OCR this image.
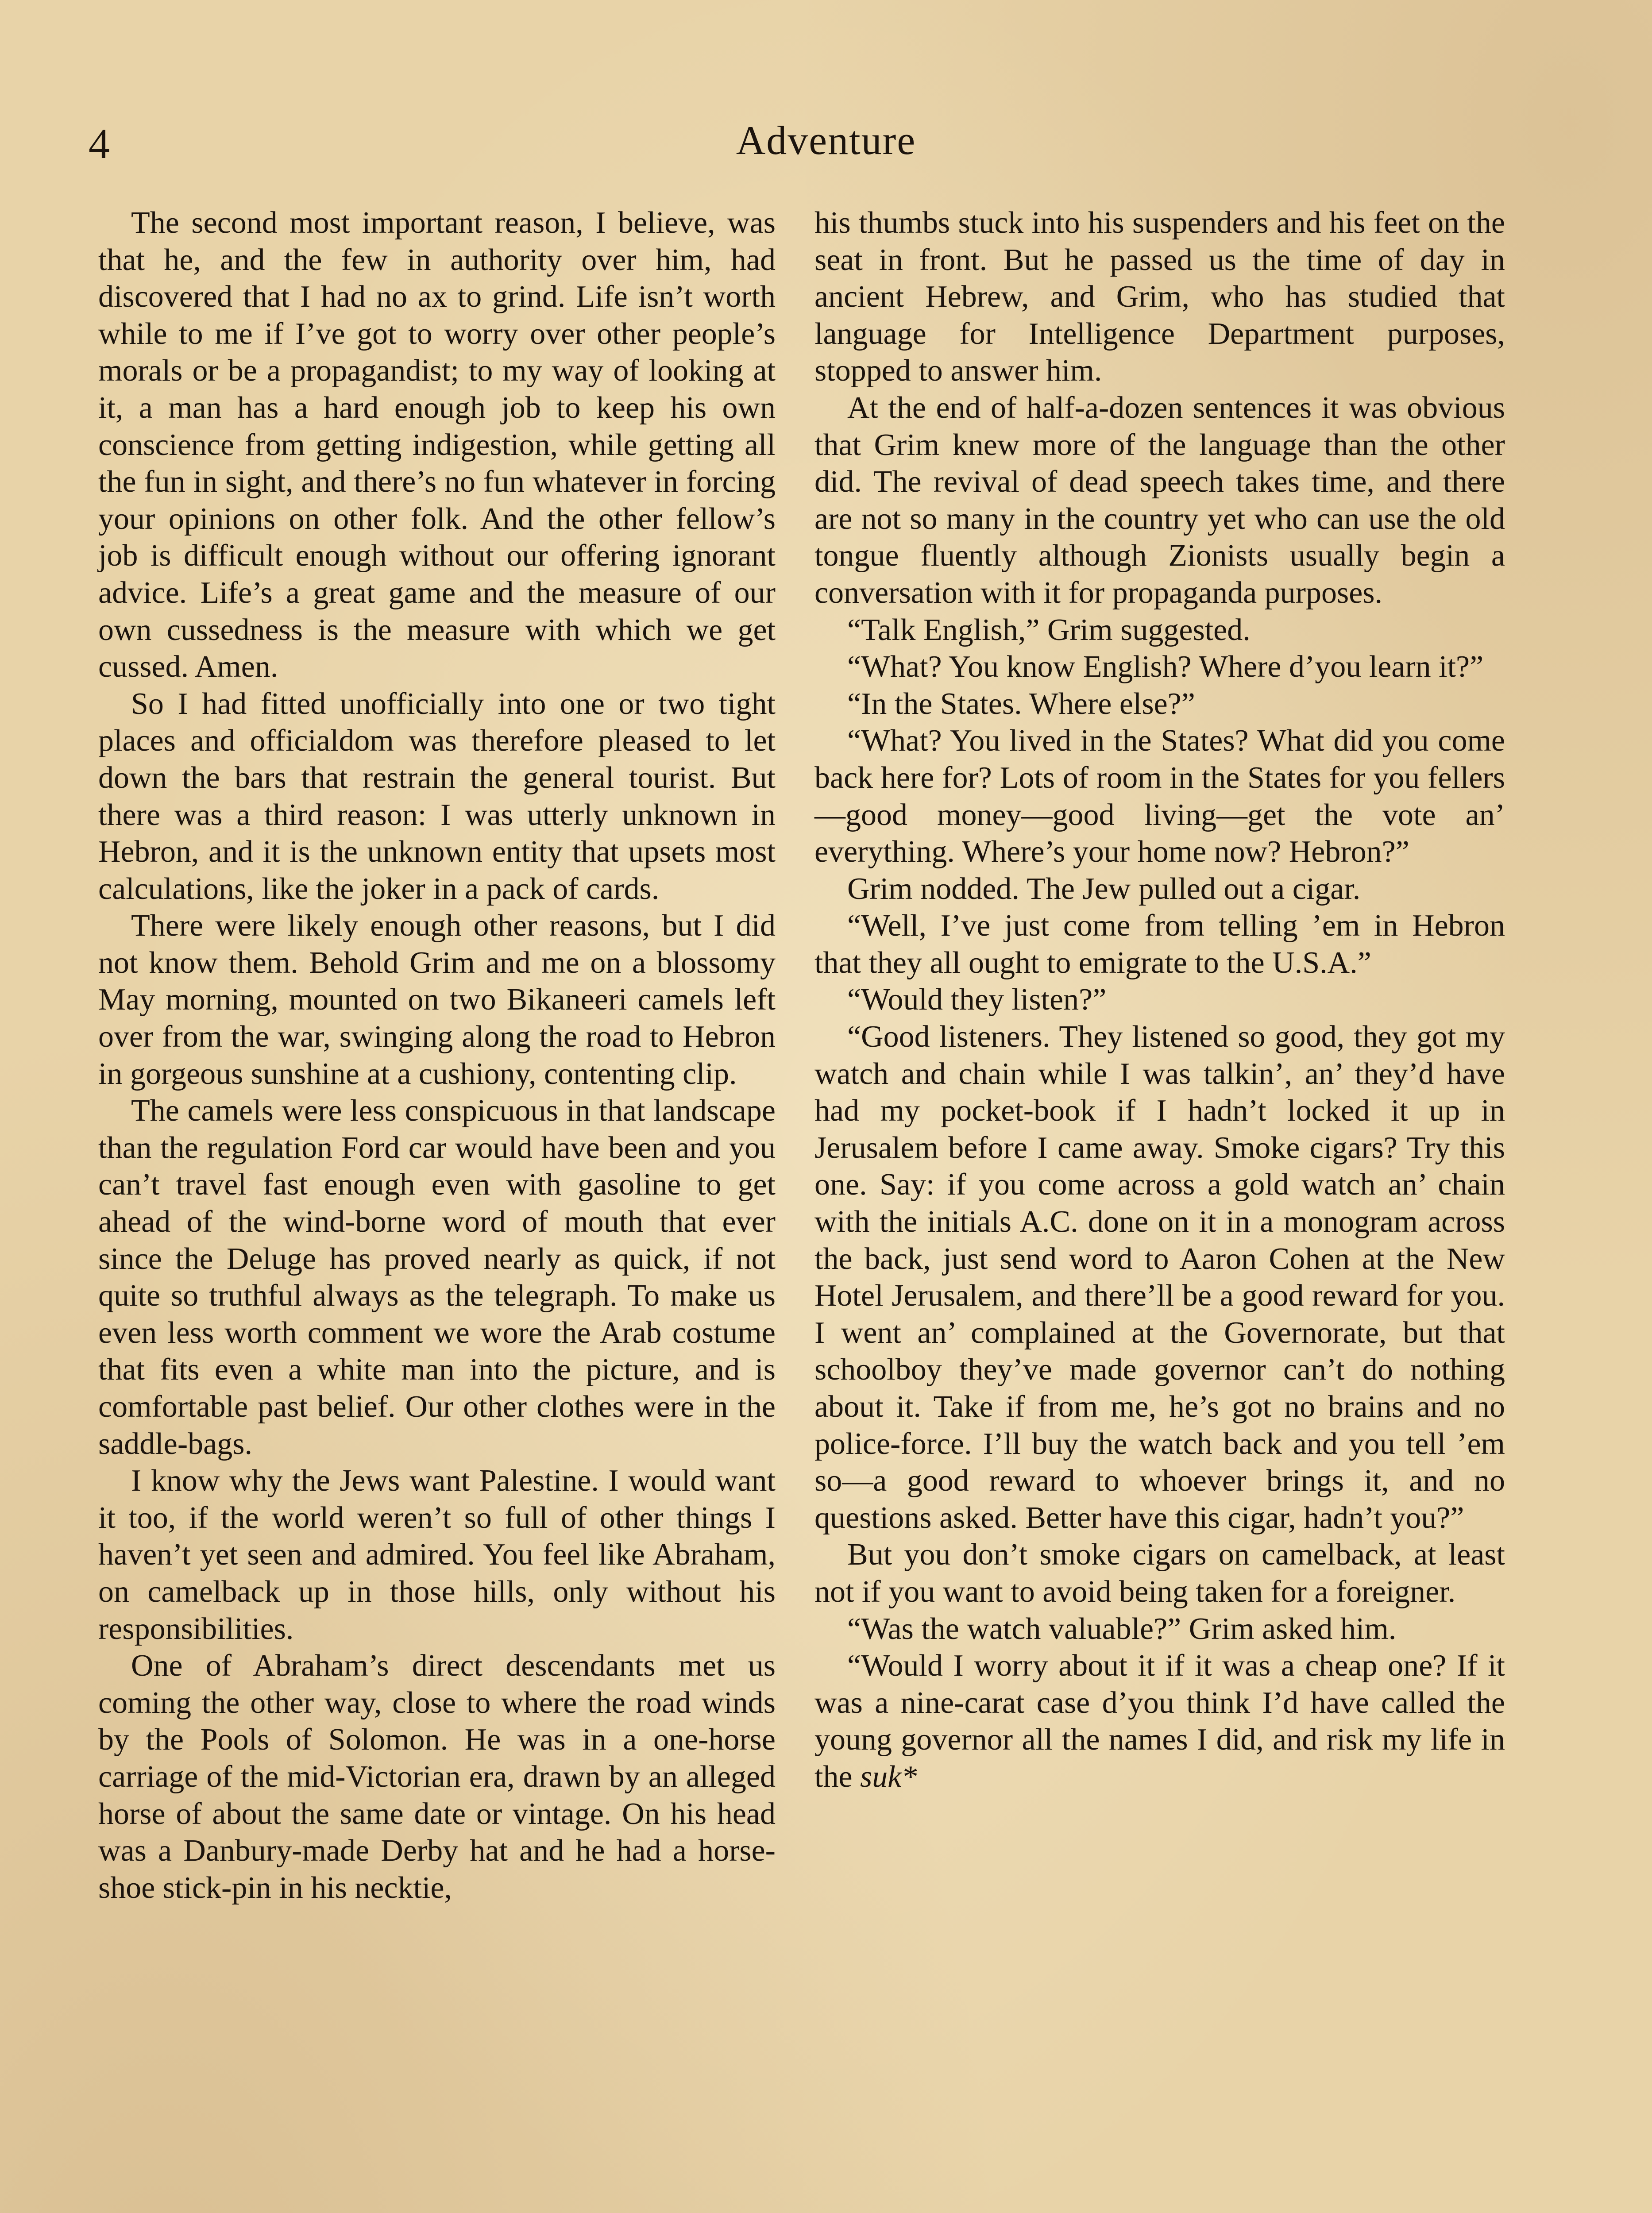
4	Adventure

The second most important reason, I believe, was that he, and the few in authority over him, had discovered that I had no ax to grind. Life isn’t worth while to me if I’ve got to worry over other people’s morals or be a propagandist; to my way of looking at it, a man has a hard enough job to keep his own conscience from getting indigestion, while getting all the fun in sight, and there’s no fun whatever in forcing your opinions on other folk. And the other fellow’s job is difficult enough without our offering ignorant advice. Life’s a great game and the measure of our own cussedness is the measure with which we get cussed. Amen.

So I had fitted unofficially into one or two tight places and officialdom was therefore pleased to let down the bars that restrain the general tourist. But there was a third reason: I was utterly unknown in Hebron, and it is the unknown entity that upsets most calculations, like the joker in a pack of cards.

There were likely enough other reasons, but I did not know them. Behold Grim and me on a blossomy May morning, mounted on two Bikaneeri camels left over from the war, swinging along the road to Hebron in gorgeous sunshine at a cushiony, contenting clip.

The camels were less conspicuous in that landscape than the regulation Ford car would have been and you can’t travel fast enough even with gasoline to get ahead of the wind-borne word of mouth that ever since the Deluge has proved nearly as quick, if not quite so truthful always as the telegraph. To make us even less worth comment we wore the Arab costume that fits even a white man into the picture, and is comfortable past belief. Our other clothes were in the saddle-bags.

I know why the Jews want Palestine. I would want it too, if the world weren’t so full of other things I haven’t yet seen and admired. You feel like Abraham, on camelback up in those hills, only without his responsibilities.

One of Abraham’s direct descendants met us coming the other way, close to where the road winds by the Pools of Solomon. He was in a one-horse carriage of the mid-Victorian era, drawn by an alleged horse of about the same date or vintage. On his head was a Danbury-made Derby hat and he had a horse-shoe stick-pin in his necktie,

his thumbs stuck into his suspenders and his feet on the seat in front. But he passed us the time of day in ancient Hebrew, and Grim, who has studied that language for Intelligence Department purposes, stopped to answer him.

At the end of half-a-dozen sentences it was obvious that Grim knew more of the language than the other did. The revival of dead speech takes time, and there are not so many in the country yet who can use the old tongue fluently although Zionists usually begin a conversation with it for propaganda purposes.

“Talk English,” Grim suggested.

“What? You know English? Where d’you learn it?”

“In the States. Where else?”

“What? You lived in the States? What did you come back here for? Lots of room in the States for you fellers—good money—good living—get the vote an’ everything. Where’s your home now? Hebron?”

Grim nodded. The Jew pulled out a cigar.

“Well, I’ve just come from telling ’em in Hebron that they all ought to emigrate to the U.S.A.”

“Would they listen?”

“Good listeners. They listened so good, they got my watch and chain while I was talkin’, an’ they’d have had my pocket-book if I hadn’t locked it up in Jerusalem before I came away. Smoke cigars? Try this one. Say: if you come across a gold watch an’ chain with the initials A.C. done on it in a monogram across the back, just send word to Aaron Cohen at the New Hotel Jerusalem, and there’ll be a good reward for you. I went an’ complained at the Governorate, but that schoolboy they’ve made governor can’t do nothing about it. Take if from me, he’s got no brains and no police-force. I’ll buy the watch back and you tell ’em so—a good reward to whoever brings it, and no questions asked. Better have this cigar, hadn’t you?”

But you don’t smoke cigars on camelback, at least not if you want to avoid being taken for a foreigner.

“Was the watch valuable?” Grim asked him.

“Would I worry about it if it was a cheap one? If it was a nine-carat case d’you think I’d have called the young governor all the names I did, and risk my life in the suk*
